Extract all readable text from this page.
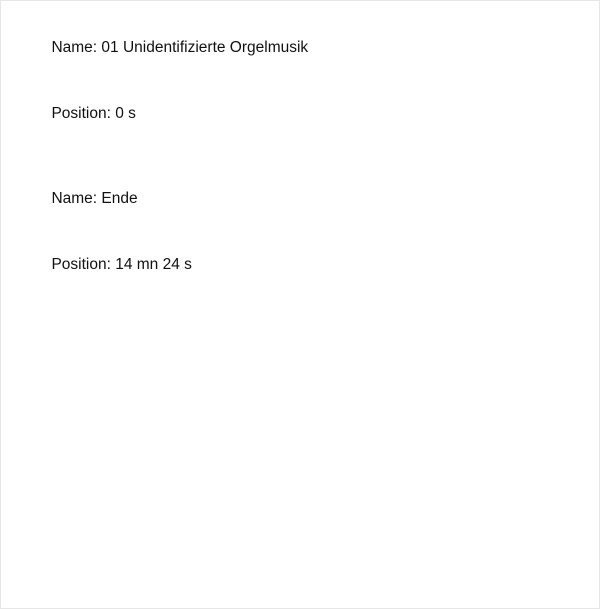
Name: 01 Unidentifizierte Orgelmusik

Position: 0 s

Name: Ende

Position: 14 mn 24 s
